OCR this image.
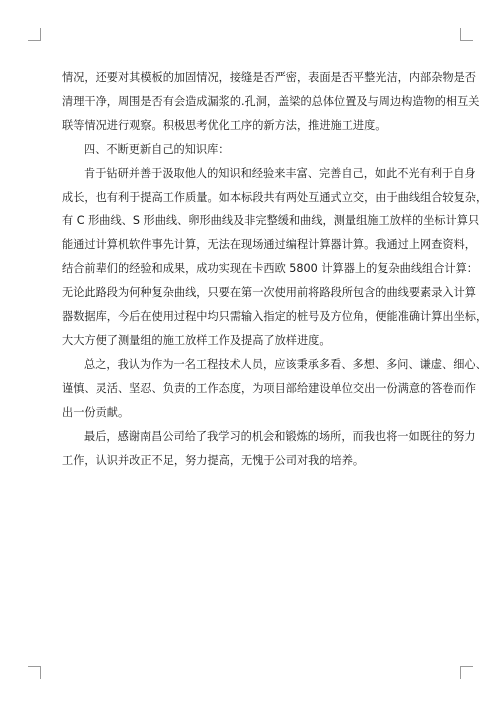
情况，还要对其模板的加固情况，接缝是否严密，表面是否平整光洁，内部杂物是否
清理干净，周围是否有会造成漏浆的.孔洞，盖梁的总体位置及与周边构造物的相互关
联等情况进行观察。积极思考优化工序的新方法，推进施工进度。

四、不断更新自己的知识库：

肯于钻研并善于汲取他人的知识和经验来丰富、完善自己，如此不光有利于自身
成长，也有利于提高工作质量。如本标段共有两处互通式立交，由于曲线组合较复杂，
有 C 形曲线、S 形曲线、卵形曲线及非完整缓和曲线，测量组施工放样的坐标计算只
能通过计算机软件事先计算，无法在现场通过编程计算器计算。我通过上网查资料，
结合前辈们的经验和成果，成功实现在卡西欧 5800 计算器上的复杂曲线组合计算：
无论此路段为何种复杂曲线，只要在第一次使用前将路段所包含的曲线要素录入计算
器数据库，今后在使用过程中均只需输入指定的桩号及方位角，便能准确计算出坐标，
大大方便了测量组的施工放样工作及提高了放样进度。

总之，我认为作为一名工程技术人员，应该秉承多看、多想、多问、谦虚、细心、
谨慎、灵活、坚忍、负责的工作态度，为项目部给建设单位交出一份满意的答卷而作
出一份贡献。

最后，感谢南昌公司给了我学习的机会和锻炼的场所，而我也将一如既往的努力
工作，认识并改正不足，努力提高，无愧于公司对我的培养。
